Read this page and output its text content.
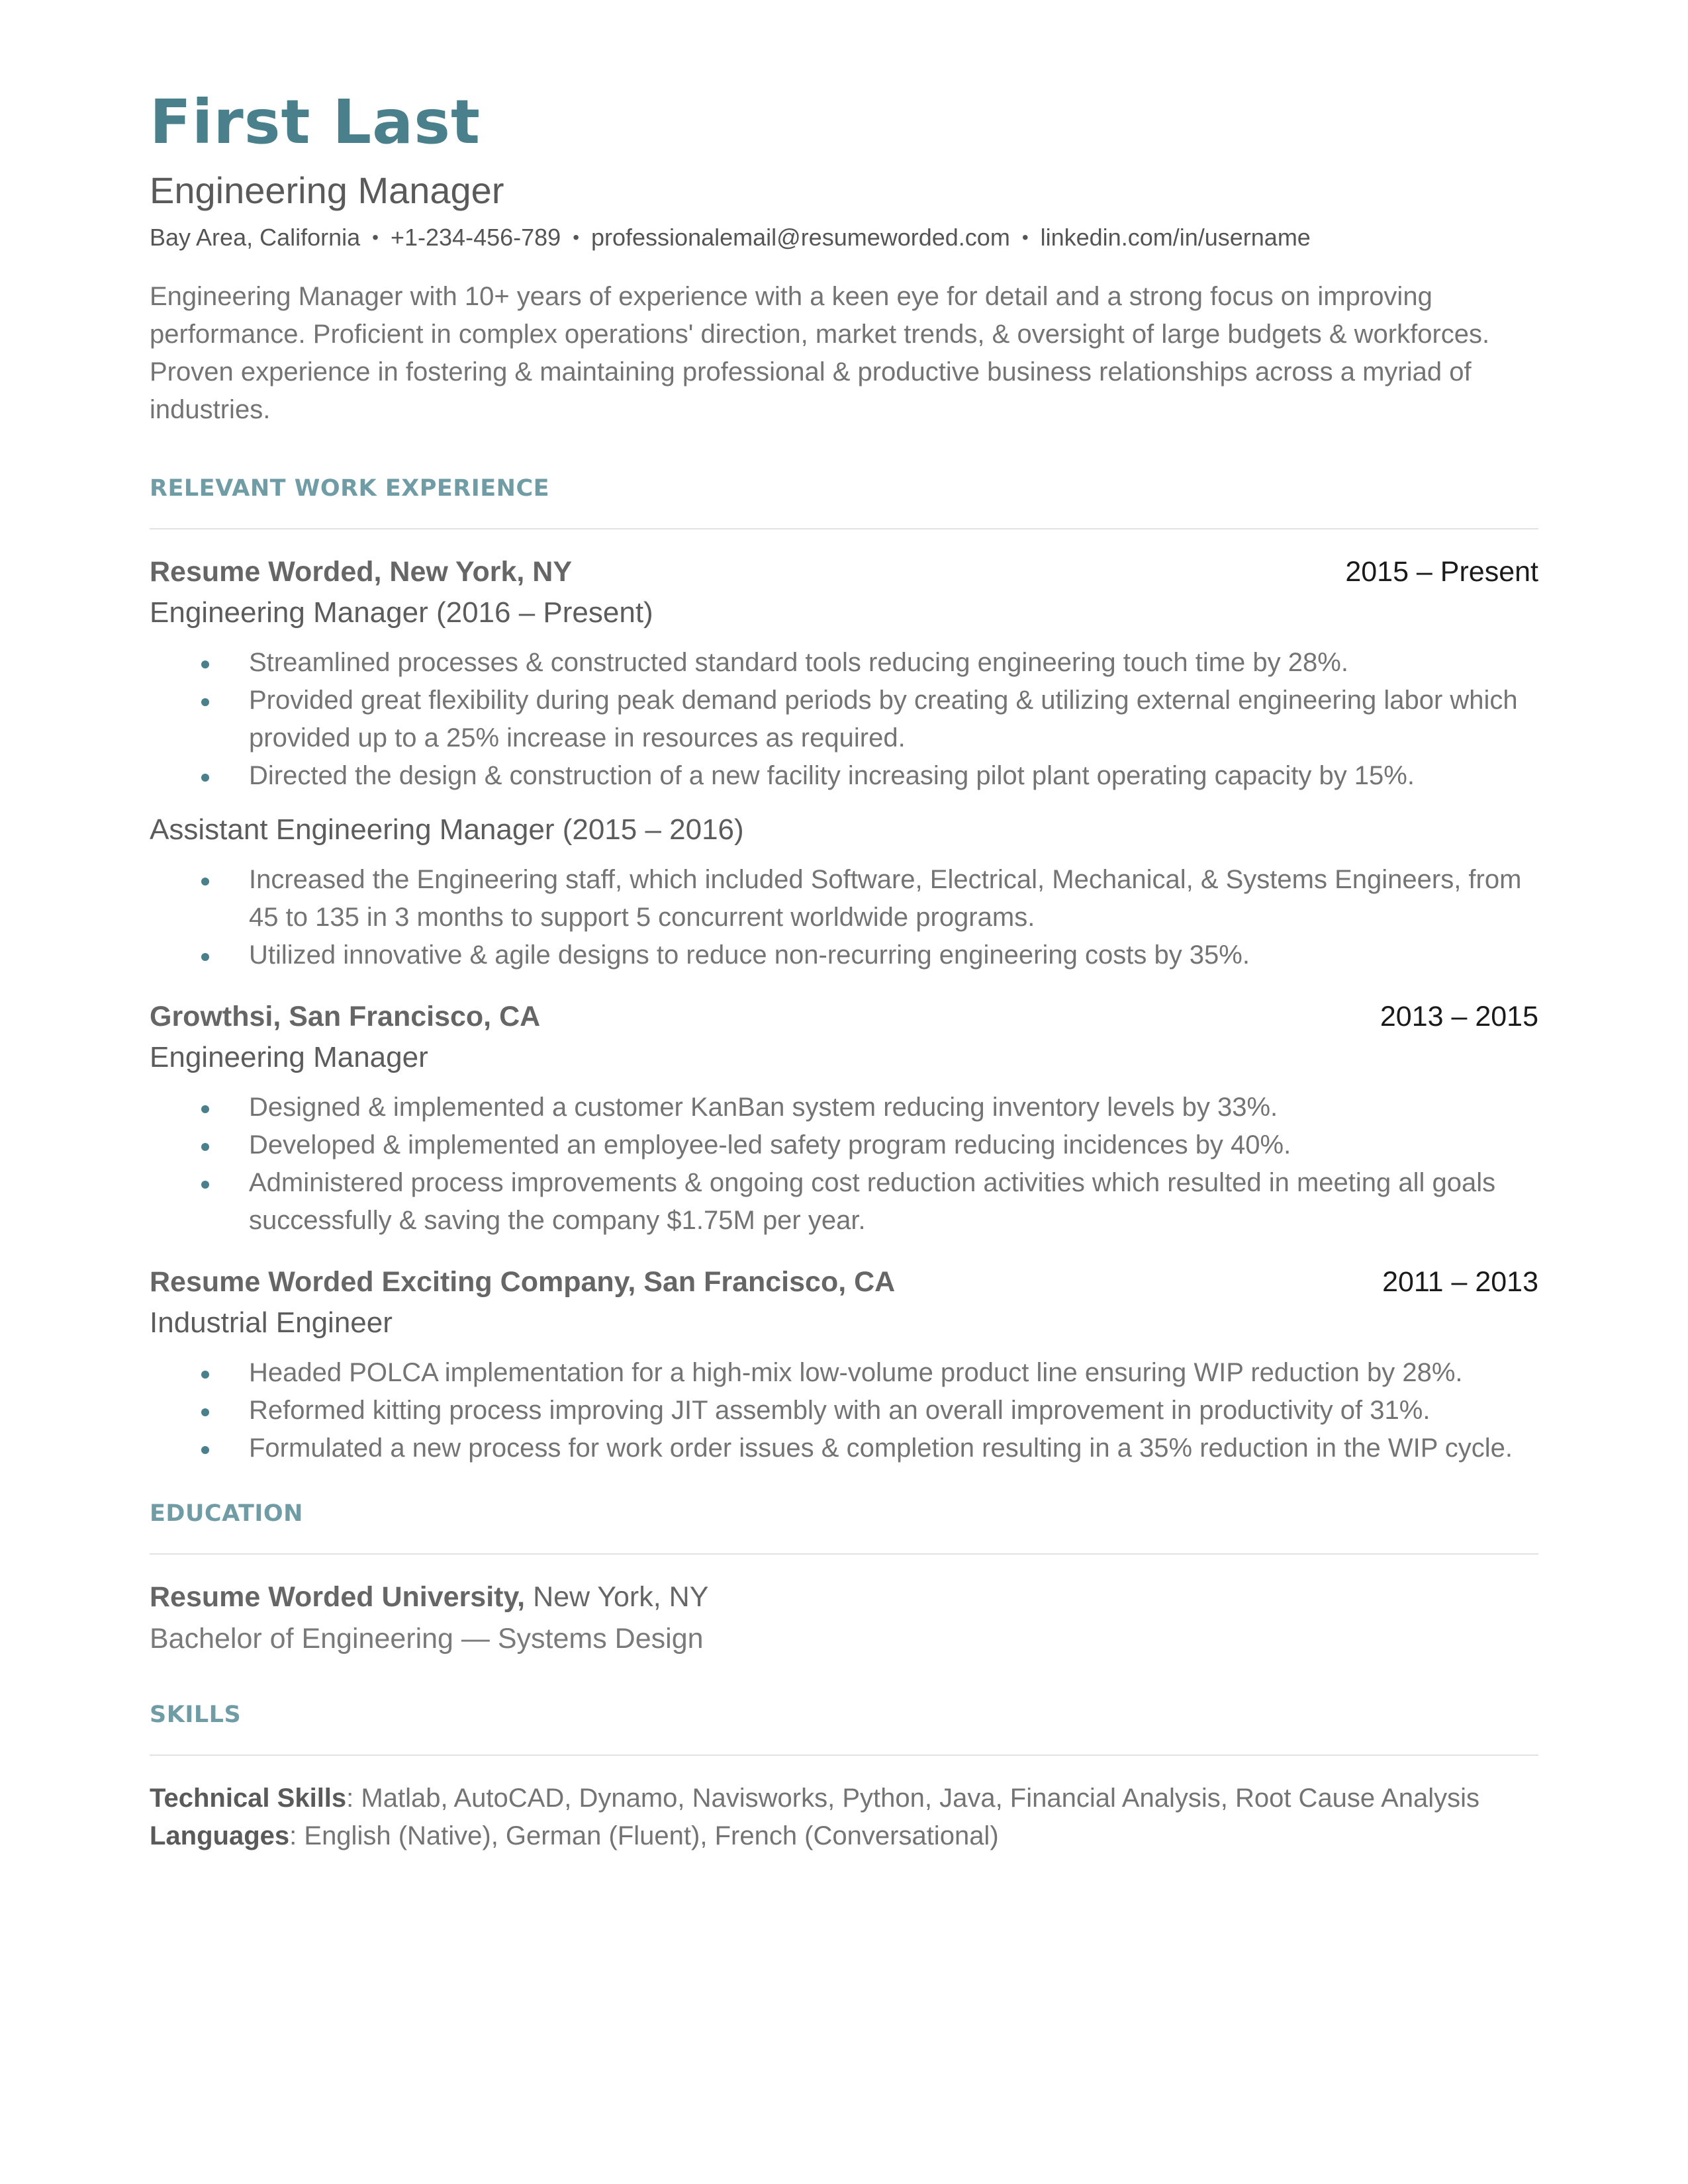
First Last
Engineering Manager
Bay Area, California • +1-234-456-789 • professionalemail@resumeworded.com • linkedin.com/in/username
Engineering Manager with 10+ years of experience with a keen eye for detail and a strong focus on improving performance. Proficient in complex operations' direction, market trends, & oversight of large budgets & workforces. Proven experience in fostering & maintaining professional & productive business relationships across a myriad of industries.
RELEVANT WORK EXPERIENCE
Resume Worded, New York, NY	2015 – Present
Engineering Manager (2016 – Present)
Streamlined processes & constructed standard tools reducing engineering touch time by 28%.
Provided great flexibility during peak demand periods by creating & utilizing external engineering labor which provided up to a 25% increase in resources as required.
Directed the design & construction of a new facility increasing pilot plant operating capacity by 15%.
Assistant Engineering Manager (2015 – 2016)
Increased the Engineering staff, which included Software, Electrical, Mechanical, & Systems Engineers, from 45 to 135 in 3 months to support 5 concurrent worldwide programs.
Utilized innovative & agile designs to reduce non-recurring engineering costs by 35%.
Growthsi, San Francisco, CA	2013 – 2015
Engineering Manager
Designed & implemented a customer KanBan system reducing inventory levels by 33%.
Developed & implemented an employee-led safety program reducing incidences by 40%.
Administered process improvements & ongoing cost reduction activities which resulted in meeting all goals successfully & saving the company $1.75M per year.
Resume Worded Exciting Company, San Francisco, CA	2011 – 2013
Industrial Engineer
Headed POLCA implementation for a high-mix low-volume product line ensuring WIP reduction by 28%.
Reformed kitting process improving JIT assembly with an overall improvement in productivity of 31%.
Formulated a new process for work order issues & completion resulting in a 35% reduction in the WIP cycle.
EDUCATION
Resume Worded University, New York, NY
Bachelor of Engineering — Systems Design
SKILLS
Technical Skills: Matlab, AutoCAD, Dynamo, Navisworks, Python, Java, Financial Analysis, Root Cause Analysis
Languages: English (Native), German (Fluent), French (Conversational)
